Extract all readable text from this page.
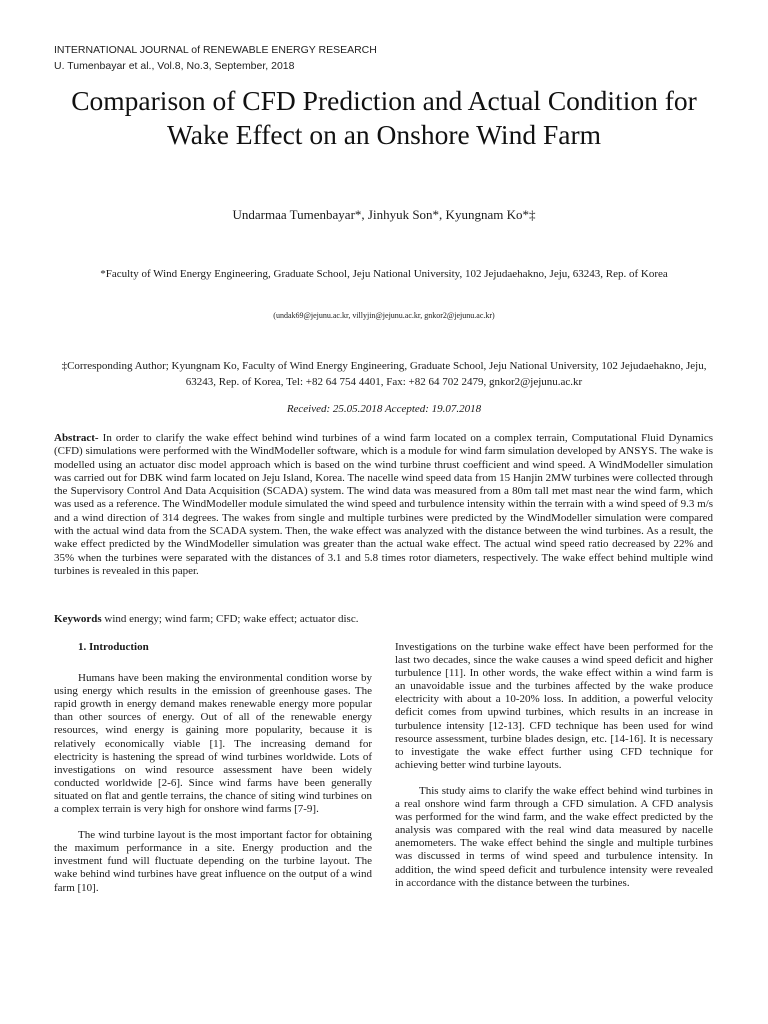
INTERNATIONAL JOURNAL of RENEWABLE ENERGY RESEARCH
U. Tumenbayar et al., Vol.8, No.3, September, 2018
Comparison of CFD Prediction and Actual Condition for Wake Effect on an Onshore Wind Farm
Undarmaa Tumenbayar*, Jinhyuk Son*, Kyungnam Ko*‡
*Faculty of Wind Energy Engineering, Graduate School, Jeju National University, 102 Jejudaehakno, Jeju, 63243, Rep. of Korea
(undak69@jejunu.ac.kr, villyjin@jejunu.ac.kr, gnkor2@jejunu.ac.kr)
‡Corresponding Author; Kyungnam Ko, Faculty of Wind Energy Engineering, Graduate School, Jeju National University, 102 Jejudaehakno, Jeju, 63243, Rep. of Korea, Tel: +82 64 754 4401, Fax: +82 64 702 2479, gnkor2@jejunu.ac.kr
Received: 25.05.2018 Accepted: 19.07.2018
Abstract- In order to clarify the wake effect behind wind turbines of a wind farm located on a complex terrain, Computational Fluid Dynamics (CFD) simulations were performed with the WindModeller software, which is a module for wind farm simulation developed by ANSYS. The wake is modelled using an actuator disc model approach which is based on the wind turbine thrust coefficient and wind speed. A WindModeller simulation was carried out for DBK wind farm located on Jeju Island, Korea. The nacelle wind speed data from 15 Hanjin 2MW turbines were collected through the Supervisory Control And Data Acquisition (SCADA) system. The wind data was measured from a 80m tall met mast near the wind farm, which was used as a reference. The WindModeller module simulated the wind speed and turbulence intensity within the terrain with a wind speed of 9.3 m/s and a wind direction of 314 degrees. The wakes from single and multiple turbines were predicted by the WindModeller simulation were compared with the actual wind data from the SCADA system. Then, the wake effect was analyzed with the distance between the wind turbines. As a result, the wake effect predicted by the WindModeller simulation was greater than the actual wake effect. The actual wind speed ratio decreased by 22% and 35% when the turbines were separated with the distances of 3.1 and 5.8 times rotor diameters, respectively. The wake effect behind multiple wind turbines is revealed in this paper.
Keywords wind energy; wind farm; CFD; wake effect; actuator disc.
1. Introduction

Humans have been making the environmental condition worse by using energy which results in the emission of greenhouse gases. The rapid growth in energy demand makes renewable energy more popular than other sources of energy. Out of all of the renewable energy resources, wind energy is gaining more popularity, because it is relatively economically viable [1]. The increasing demand for electricity is hastening the spread of wind turbines worldwide. Lots of investigations on wind resource assessment have been widely conducted worldwide [2-6]. Since wind farms have been generally situated on flat and gentle terrains, the chance of siting wind turbines on a complex terrain is very high for onshore wind farms [7-9].

The wind turbine layout is the most important factor for obtaining the maximum performance in a site. Energy production and the investment fund will fluctuate depending on the turbine layout. The wake behind wind turbines have great influence on the output of a wind farm [10].

Investigations on the turbine wake effect have been performed for the last two decades, since the wake causes a wind speed deficit and higher turbulence [11]. In other words, the wake effect within a wind farm is an unavoidable issue and the turbines affected by the wake produce electricity with about a 10-20% loss. In addition, a powerful velocity deficit comes from upwind turbines, which results in an increase in turbulence intensity [12-13]. CFD technique has been used for wind resource assessment, turbine blades design, etc. [14-16]. It is necessary to investigate the wake effect further using CFD technique for achieving better wind turbine layouts.

This study aims to clarify the wake effect behind wind turbines in a real onshore wind farm through a CFD simulation. A CFD analysis was performed for the wind farm, and the wake effect predicted by the analysis was compared with the real wind data measured by nacelle anemometers. The wake effect behind the single and multiple turbines was discussed in terms of wind speed and turbulence intensity. In addition, the wind speed deficit and turbulence intensity were revealed in accordance with the distance between the turbines.
